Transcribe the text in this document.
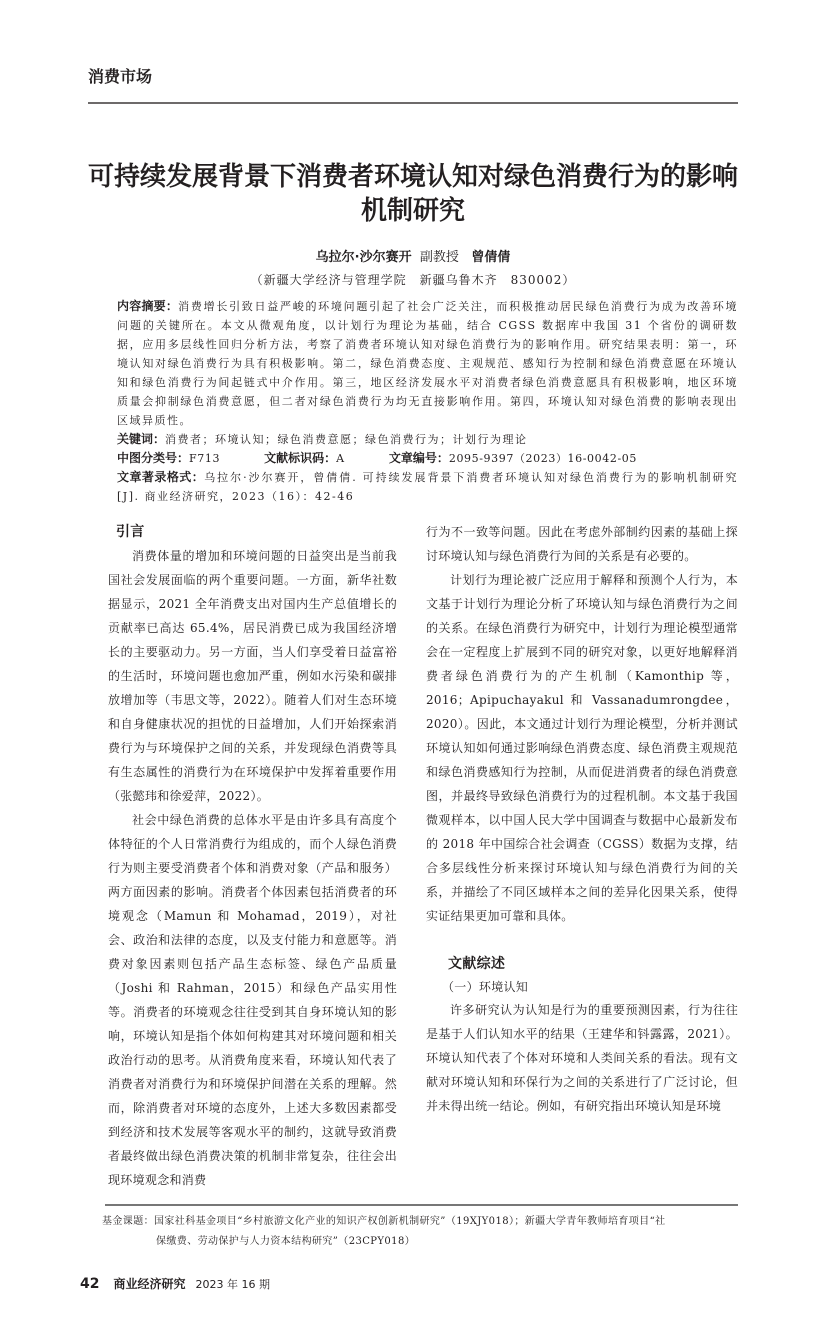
消费市场
可持续发展背景下消费者环境认知对绿色消费行为的影响机制研究
乌拉尔·沙尔赛开 副教授 曾倩倩
（新疆大学经济与管理学院　新疆乌鲁木齐　830002）
内容摘要：消费增长引致日益严峻的环境问题引起了社会广泛关注，而积极推动居民绿色消费行为成为改善环境问题的关键所在。本文从微观角度，以计划行为理论为基础，结合 CGSS 数据库中我国 31 个省份的调研数据，应用多层线性回归分析方法，考察了消费者环境认知对绿色消费行为的影响作用。研究结果表明：第一，环境认知对绿色消费行为具有积极影响。第二，绿色消费态度、主观规范、感知行为控制和绿色消费意愿在环境认知和绿色消费行为间起链式中介作用。第三，地区经济发展水平对消费者绿色消费意愿具有积极影响，地区环境质量会抑制绿色消费意愿，但二者对绿色消费行为均无直接影响作用。第四，环境认知对绿色消费的影响表现出区域异质性。
关键词：消费者；环境认知；绿色消费意愿；绿色消费行为；计划行为理论
中图分类号：F713	文献标识码：A	文章编号：2095-9397（2023）16-0042-05
文章著录格式：乌拉尔·沙尔赛开，曾倩倩. 可持续发展背景下消费者环境认知对绿色消费行为的影响机制研究 [J]. 商业经济研究，2023（16）：42-46
引言

消费体量的增加和环境问题的日益突出是当前我国社会发展面临的两个重要问题。一方面，新华社数据显示，2021 全年消费支出对国内生产总值增长的贡献率已高达 65.4%，居民消费已成为我国经济增长的主要驱动力。另一方面，当人们享受着日益富裕的生活时，环境问题也愈加严重，例如水污染和碳排放增加等（韦思文等，2022）。随着人们对生态环境和自身健康状况的担忧的日益增加，人们开始探索消费行为与环境保护之间的关系，并发现绿色消费等具有生态属性的消费行为在环境保护中发挥着重要作用（张懿玮和徐爱萍，2022）。

社会中绿色消费的总体水平是由许多具有高度个体特征的个人日常消费行为组成的，而个人绿色消费行为则主要受消费者个体和消费对象（产品和服务）两方面因素的影响。消费者个体因素包括消费者的环境观念（Mamun 和 Mohamad，2019），对社会、政治和法律的态度，以及支付能力和意愿等。消费对象因素则包括产品生态标签、绿色产品质量（Joshi 和 Rahman，2015）和绿色产品实用性等。消费者的环境观念往往受到其自身环境认知的影响，环境认知是指个体如何构建其对环境问题和相关政治行动的思考。从消费角度来看，环境认知代表了消费者对消费行为和环境保护间潜在关系的理解。然而，除消费者对环境的态度外，上述大多数因素都受到经济和技术发展等客观水平的制约，这就导致消费者最终做出绿色消费决策的机制非常复杂，往往会出现环境观念和消费

行为不一致等问题。因此在考虑外部制约因素的基础上探讨环境认知与绿色消费行为间的关系是有必要的。

计划行为理论被广泛应用于解释和预测个人行为，本文基于计划行为理论分析了环境认知与绿色消费行为之间的关系。在绿色消费行为研究中，计划行为理论模型通常会在一定程度上扩展到不同的研究对象，以更好地解释消费者绿色消费行为的产生机制（Kamonthip 等，2016；Apipuchayakul 和 Vassanadumrongdee，2020）。因此，本文通过计划行为理论模型，分析并测试环境认知如何通过影响绿色消费态度、绿色消费主观规范和绿色消费感知行为控制，从而促进消费者的绿色消费意图，并最终导致绿色消费行为的过程机制。本文基于我国微观样本，以中国人民大学中国调查与数据中心最新发布的 2018 年中国综合社会调查（CGSS）数据为支撑，结合多层线性分析来探讨环境认知与绿色消费行为间的关系，并描绘了不同区域样本之间的差异化因果关系，使得实证结果更加可靠和具体。

文献综述
（一）环境认知

许多研究认为认知是行为的重要预测因素，行为往往是基于人们认知水平的结果（王建华和钭露露，2021）。环境认知代表了个体对环境和人类间关系的看法。现有文献对环境认知和环保行为之间的关系进行了广泛讨论，但并未得出统一结论。例如，有研究指出环境认知是环境

基金课题：国家社科基金项目“乡村旅游文化产业的知识产权创新机制研究”（19XJY018）；新疆大学青年教师培育项目“社
保缴费、劳动保护与人力资本结构研究”（23CPY018）
42 商业经济研究 2023 年 16 期
